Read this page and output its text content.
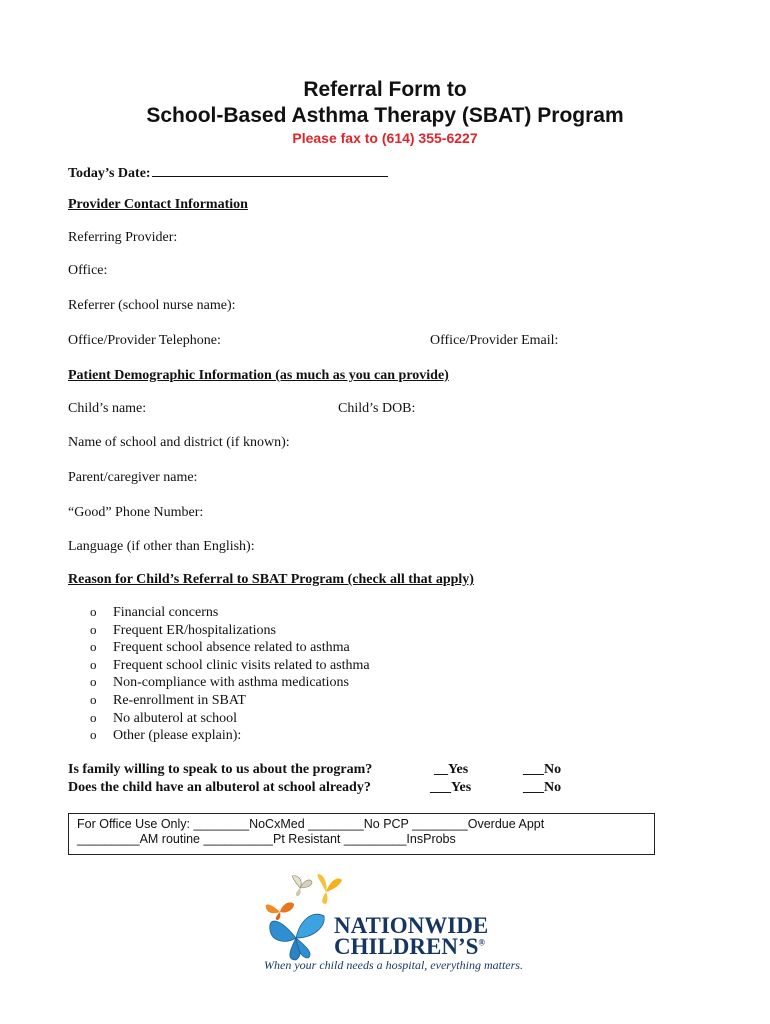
Referral Form to
School-Based Asthma Therapy (SBAT) Program
Please fax to (614) 355-6227
Today’s Date:
Provider Contact Information
Referring Provider:
Office:
Referrer (school nurse name):
Office/Provider Telephone:	Office/Provider Email:
Patient Demographic Information (as much as you can provide)
Child’s name:	Child’s DOB:
Name of school and district (if known):
Parent/caregiver name:
“Good” Phone Number:
Language (if other than English):
Reason for Child’s Referral to SBAT Program (check all that apply)
o Financial concerns
o Frequent ER/hospitalizations
o Frequent school absence related to asthma
o Frequent school clinic visits related to asthma
o Non-compliance with asthma medications
o Re-enrollment in SBAT
o No albuterol at school
o Other (please explain):
Is family willing to speak to us about the program?	__Yes	___No
Does the child have an albuterol at school already?	___Yes	___No
For Office Use Only: ________NoCxMed ________No PCP ________Overdue Appt
_________AM routine __________Pt Resistant _________InsProbs
NATIONWIDE
CHILDREN’S®
When your child needs a hospital, everything matters.
